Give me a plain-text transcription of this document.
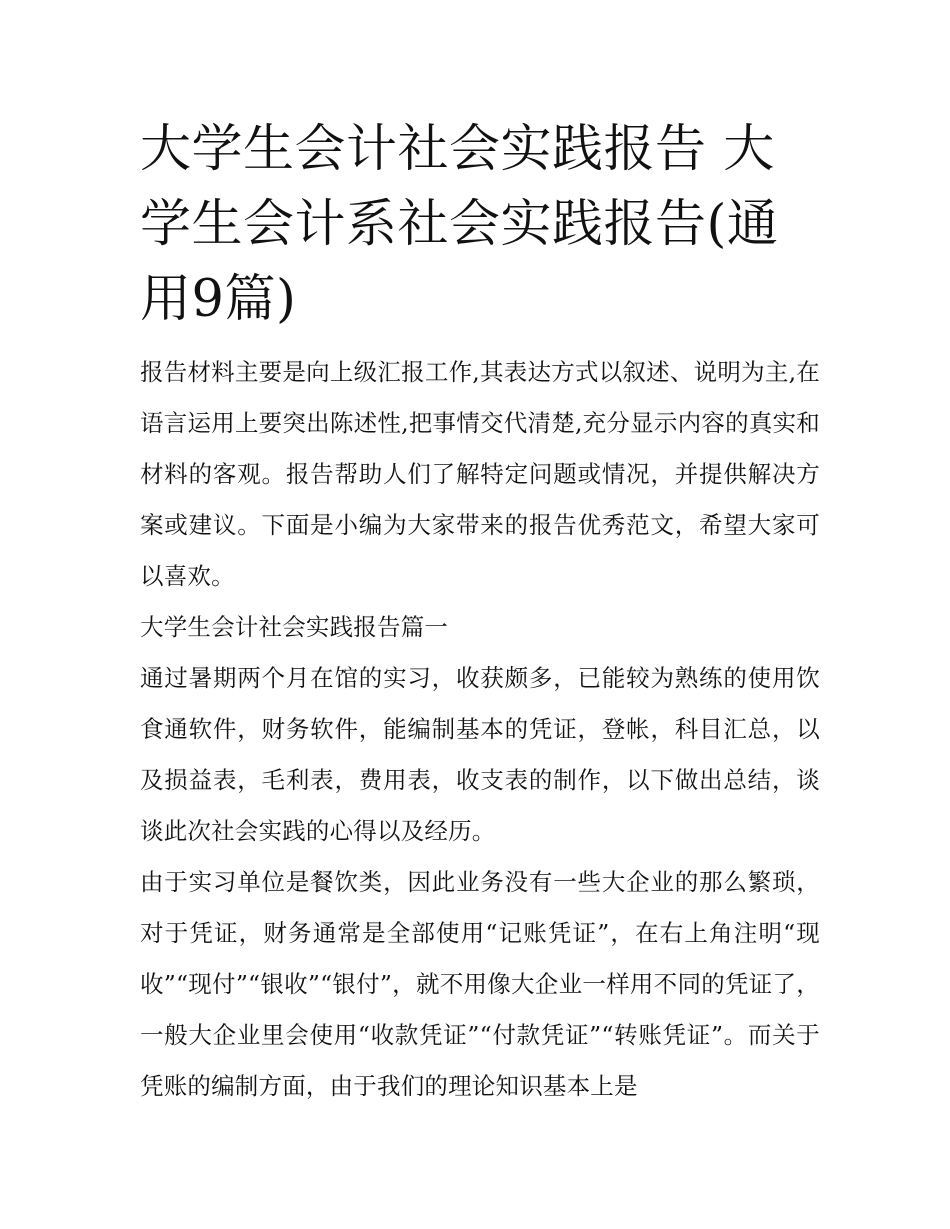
大学生会计社会实践报告 大学生会计系社会实践报告(通用9篇)

报告材料主要是向上级汇报工作,其表达方式以叙述、说明为主,在语言运用上要突出陈述性,把事情交代清楚,充分显示内容的真实和材料的客观。报告帮助人们了解特定问题或情况，并提供解决方案或建议。下面是小编为大家带来的报告优秀范文，希望大家可以喜欢。

大学生会计社会实践报告篇一

通过暑期两个月在馆的实习，收获颇多，已能较为熟练的使用饮食通软件，财务软件，能编制基本的凭证，登帐，科目汇总，以及损益表，毛利表，费用表，收支表的制作，以下做出总结，谈谈此次社会实践的心得以及经历。

由于实习单位是餐饮类，因此业务没有一些大企业的那么繁琐，对于凭证，财务通常是全部使用“记账凭证”，在右上角注明“现收”“现付”“银收”“银付”，就不用像大企业一样用不同的凭证了，一般大企业里会使用“收款凭证”“付款凭证”“转账凭证”。而关于凭账的编制方面，由于我们的理论知识基本上是
